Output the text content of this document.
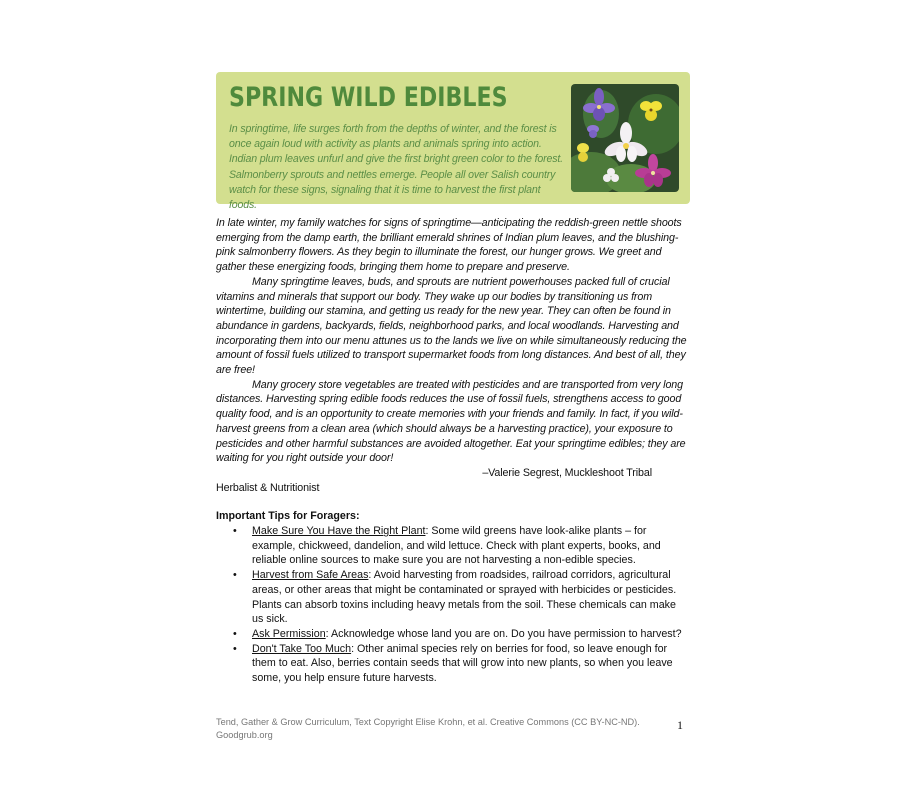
SPRING WILD EDIBLES
In springtime, life surges forth from the depths of winter, and the forest is once again loud with activity as plants and animals spring into action. Indian plum leaves unfurl and give the first bright green color to the forest. Salmonberry sprouts and nettles emerge. People all over Salish country watch for these signs, signaling that it is time to harvest the first plant foods.

In late winter, my family watches for signs of springtime—anticipating the reddish-green nettle shoots emerging from the damp earth, the brilliant emerald shrines of Indian plum leaves, and the blushing-pink salmonberry flowers. As they begin to illuminate the forest, our hunger grows. We greet and gather these energizing foods, bringing them home to prepare and preserve.

Many springtime leaves, buds, and sprouts are nutrient powerhouses packed full of crucial vitamins and minerals that support our body. They wake up our bodies by transitioning us from wintertime, building our stamina, and getting us ready for the new year. They can often be found in abundance in gardens, backyards, fields, neighborhood parks, and local woodlands. Harvesting and incorporating them into our menu attunes us to the lands we live on while simultaneously reducing the amount of fossil fuels utilized to transport supermarket foods from long distances. And best of all, they are free!

Many grocery store vegetables are treated with pesticides and are transported from very long distances. Harvesting spring edible foods reduces the use of fossil fuels, strengthens access to good quality food, and is an opportunity to create memories with your friends and family. In fact, if you wild-harvest greens from a clean area (which should always be a harvesting practice), your exposure to pesticides and other harmful substances are avoided altogether. Eat your springtime edibles; they are waiting for you right outside your door!

–Valerie Segrest, Muckleshoot Tribal

Herbalist & Nutritionist

Important Tips for Foragers:
• Make Sure You Have the Right Plant: Some wild greens have look-alike plants – for example, chickweed, dandelion, and wild lettuce. Check with plant experts, books, and reliable online sources to make sure you are not harvesting a non-edible species.
• Harvest from Safe Areas: Avoid harvesting from roadsides, railroad corridors, agricultural areas, or other areas that might be contaminated or sprayed with herbicides or pesticides. Plants can absorb toxins including heavy metals from the soil. These chemicals can make us sick.
• Ask Permission: Acknowledge whose land you are on. Do you have permission to harvest?
• Don't Take Too Much: Other animal species rely on berries for food, so leave enough for them to eat. Also, berries contain seeds that will grow into new plants, so when you leave some, you help ensure future harvests.
Tend, Gather & Grow Curriculum, Text Copyright Elise Krohn, et al. Creative Commons (CC BY-NC-ND).
Goodgrub.org
1
